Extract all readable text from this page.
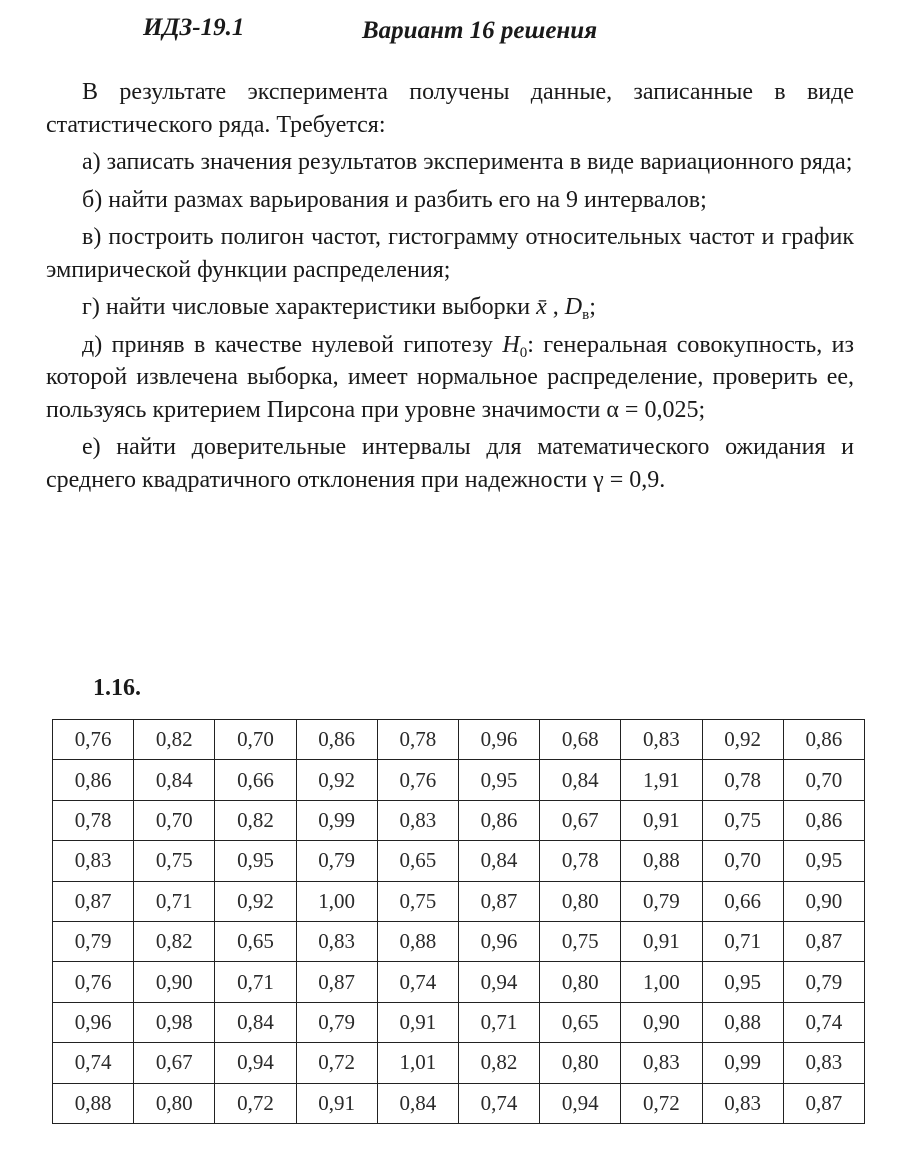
ИДЗ-19.1	Вариант 16 решения

В результате эксперимента получены данные, записанные в виде статистического ряда. Требуется:

а) записать значения результатов эксперимента в виде вариационного ряда;

б) найти размах варьирования и разбить его на 9 интервалов;

в) построить полигон частот, гистограмму относительных частот и график эмпирической функции распределения;

г) найти числовые характеристики выборки x̄ , $D_в$;

д) приняв в качестве нулевой гипотезу $H_0$: генеральная совокупность, из которой извлечена выборка, имеет нормальное распределение, проверить ее, пользуясь критерием Пирсона при уровне значимости α = 0,025;

е) найти доверительные интервалы для математического ожидания и среднего квадратичного отклонения при надежности γ = 0,9.

1.16.
0,76	0,82	0,70	0,86	0,78	0,96	0,68	0,83	0,92	0,86
0,86	0,84	0,66	0,92	0,76	0,95	0,84	1,91	0,78	0,70
0,78	0,70	0,82	0,99	0,83	0,86	0,67	0,91	0,75	0,86
0,83	0,75	0,95	0,79	0,65	0,84	0,78	0,88	0,70	0,95
0,87	0,71	0,92	1,00	0,75	0,87	0,80	0,79	0,66	0,90
0,79	0,82	0,65	0,83	0,88	0,96	0,75	0,91	0,71	0,87
0,76	0,90	0,71	0,87	0,74	0,94	0,80	1,00	0,95	0,79
0,96	0,98	0,84	0,79	0,91	0,71	0,65	0,90	0,88	0,74
0,74	0,67	0,94	0,72	1,01	0,82	0,80	0,83	0,99	0,83
0,88	0,80	0,72	0,91	0,84	0,74	0,94	0,72	0,83	0,87
